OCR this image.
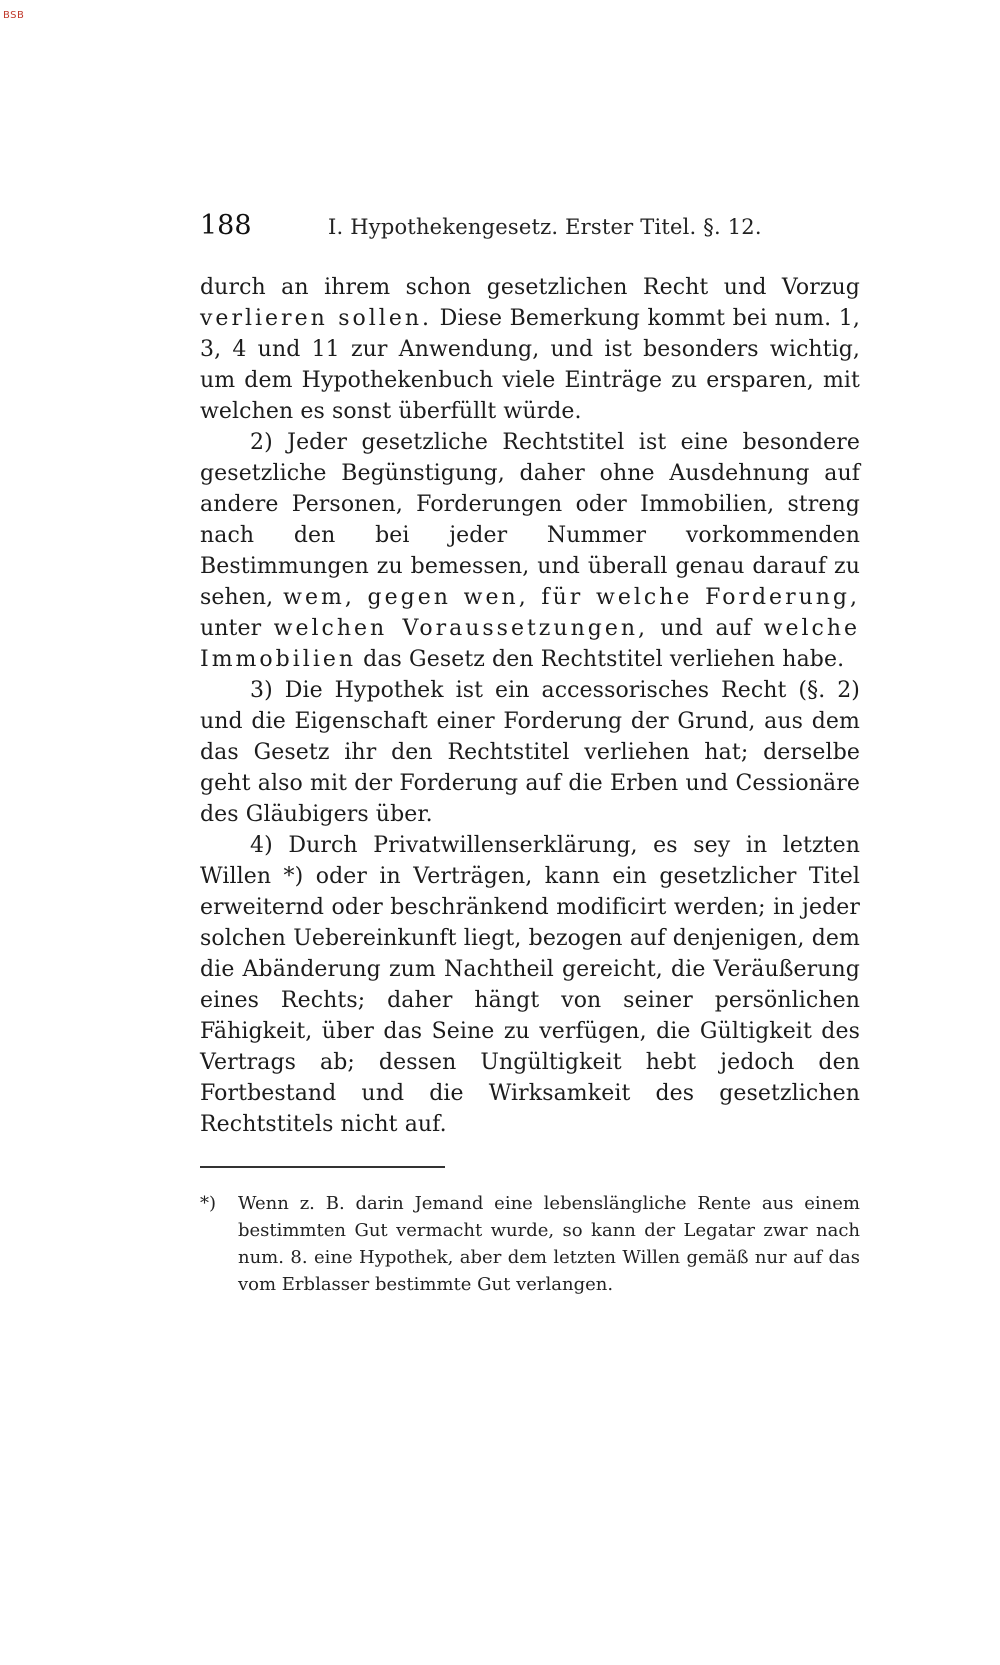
BSB
188	I. Hypothekengesetz. Erster Titel. §. 12.

durch an ihrem schon gesetzlichen Recht und Vorzug verlieren sollen. Diese Bemerkung kommt bei num. 1, 3, 4 und 11 zur Anwendung, und ist besonders wichtig, um dem Hypothekenbuch viele Einträge zu ersparen, mit welchen es sonst überfüllt würde.

2) Jeder gesetzliche Rechtstitel ist eine besondere gesetzliche Begünstigung, daher ohne Ausdehnung auf andere Personen, Forderungen oder Immobilien, streng nach den bei jeder Nummer vorkommenden Bestimmungen zu bemessen, und überall genau darauf zu sehen, wem, gegen wen, für welche Forderung, unter welchen Voraussetzungen, und auf welche Immobilien das Gesetz den Rechtstitel verliehen habe.

3) Die Hypothek ist ein accessorisches Recht (§. 2) und die Eigenschaft einer Forderung der Grund, aus dem das Gesetz ihr den Rechtstitel verliehen hat; derselbe geht also mit der Forderung auf die Erben und Cessionäre des Gläubigers über.

4) Durch Privatwillenserklärung, es sey in letzten Willen *) oder in Verträgen, kann ein gesetzlicher Titel erweiternd oder beschränkend modificirt werden; in jeder solchen Uebereinkunft liegt, bezogen auf denjenigen, dem die Abänderung zum Nachtheil gereicht, die Veräußerung eines Rechts; daher hängt von seiner persönlichen Fähigkeit, über das Seine zu verfügen, die Gültigkeit des Vertrags ab; dessen Ungültigkeit hebt jedoch den Fortbestand und die Wirksamkeit des gesetzlichen Rechtstitels nicht auf.

*) Wenn z. B. darin Jemand eine lebenslängliche Rente aus einem bestimmten Gut vermacht wurde, so kann der Legatar zwar nach num. 8. eine Hypothek, aber dem letzten Willen gemäß nur auf das vom Erblasser bestimmte Gut verlangen.
